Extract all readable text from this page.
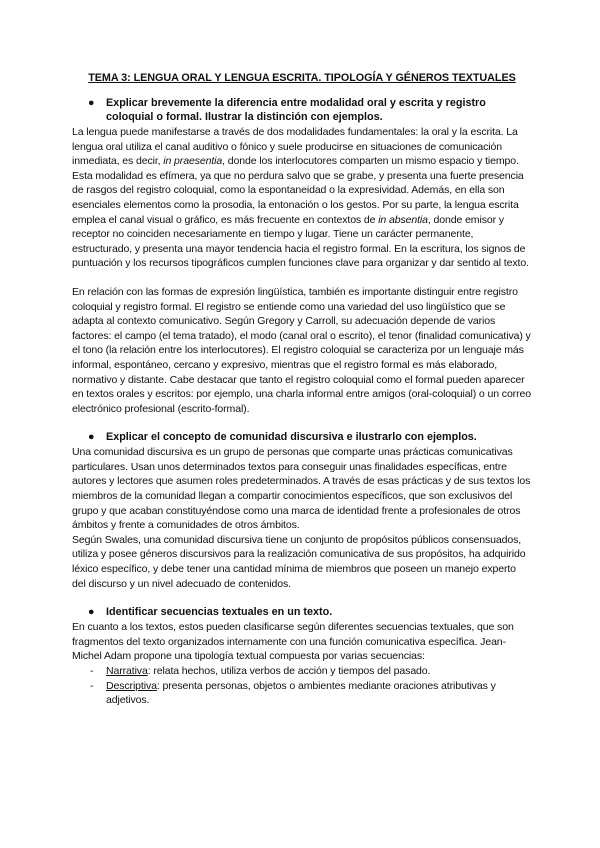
TEMA 3: LENGUA ORAL Y LENGUA ESCRITA. TIPOLOGÍA Y GÉNEROS TEXTUALES
●	Explicar brevemente la diferencia entre modalidad oral y escrita y registro coloquial o formal. Ilustrar la distinción con ejemplos.

La lengua puede manifestarse a través de dos modalidades fundamentales: la oral y la escrita. La lengua oral utiliza el canal auditivo o fónico y suele producirse en situaciones de comunicación inmediata, es decir, in praesentia, donde los interlocutores comparten un mismo espacio y tiempo. Esta modalidad es efímera, ya que no perdura salvo que se grabe, y presenta una fuerte presencia de rasgos del registro coloquial, como la espontaneidad o la expresividad. Además, en ella son esenciales elementos como la prosodia, la entonación o los gestos. Por su parte, la lengua escrita emplea el canal visual o gráfico, es más frecuente en contextos de in absentia, donde emisor y receptor no coinciden necesariamente en tiempo y lugar. Tiene un carácter permanente, estructurado, y presenta una mayor tendencia hacia el registro formal. En la escritura, los signos de puntuación y los recursos tipográficos cumplen funciones clave para organizar y dar sentido al texto.

En relación con las formas de expresión lingüística, también es importante distinguir entre registro coloquial y registro formal. El registro se entiende como una variedad del uso lingüístico que se adapta al contexto comunicativo. Según Gregory y Carroll, su adecuación depende de varios factores: el campo (el tema tratado), el modo (canal oral o escrito), el tenor (finalidad comunicativa) y el tono (la relación entre los interlocutores). El registro coloquial se caracteriza por un lenguaje más informal, espontáneo, cercano y expresivo, mientras que el registro formal es más elaborado, normativo y distante. Cabe destacar que tanto el registro coloquial como el formal pueden aparecer en textos orales y escritos: por ejemplo, una charla informal entre amigos (oral-coloquial) o un correo electrónico profesional (escrito-formal).

●	Explicar el concepto de comunidad discursiva e ilustrarlo con ejemplos.

Una comunidad discursiva es un grupo de personas que comparte unas prácticas comunicativas particulares. Usan unos determinados textos para conseguir unas finalidades específicas, entre autores y lectores que asumen roles predeterminados. A través de esas prácticas y de sus textos los miembros de la comunidad llegan a compartir conocimientos específicos, que son exclusivos del grupo y que acaban constituyéndose como una marca de identidad frente a profesionales de otros ámbitos y frente a comunidades de otros ámbitos.

Según Swales, una comunidad discursiva tiene un conjunto de propósitos públicos consensuados, utiliza y posee géneros discursivos para la realización comunicativa de sus propósitos, ha adquirido léxico específico, y debe tener una cantidad mínima de miembros que poseen un manejo experto del discurso y un nivel adecuado de contenidos.

●	Identificar secuencias textuales en un texto.

En cuanto a los textos, estos pueden clasificarse según diferentes secuencias textuales, que son fragmentos del texto organizados internamente con una función comunicativa específica. Jean-Michel Adam propone una tipología textual compuesta por varias secuencias:

-	Narrativa: relata hechos, utiliza verbos de acción y tiempos del pasado.
-	Descriptiva: presenta personas, objetos o ambientes mediante oraciones atributivas y adjetivos.
